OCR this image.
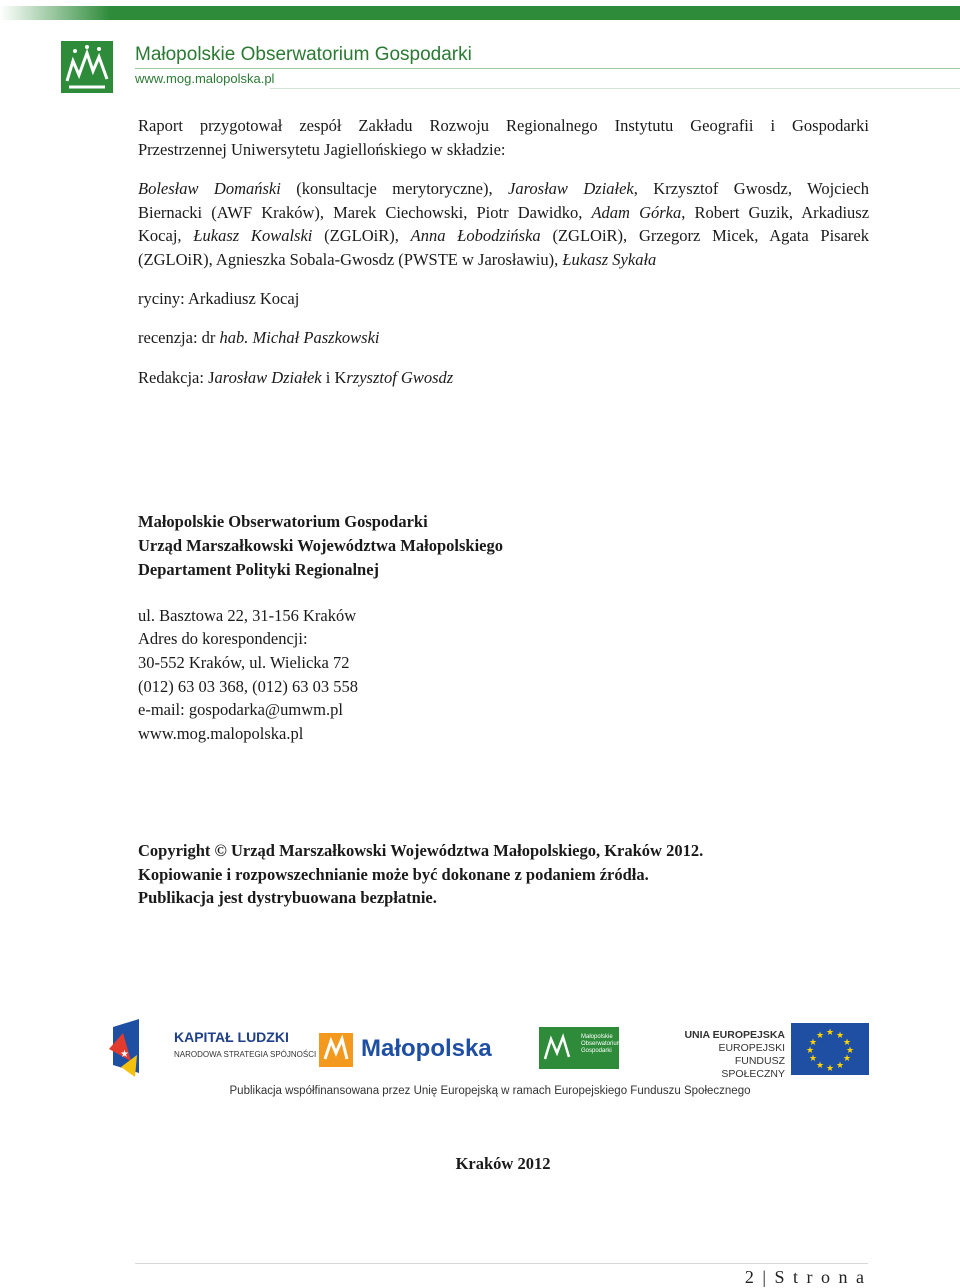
Małopolskie Obserwatorium Gospodarki
www.mog.malopolska.pl
Raport przygotował zespół Zakładu Rozwoju Regionalnego Instytutu Geografii i Gospodarki
Przestrzennej Uniwersytetu Jagiellońskiego w składzie:
Bolesław Domański (konsultacje merytoryczne), Jarosław Działek, Krzysztof Gwosdz, Wojciech
Biernacki (AWF Kraków), Marek Ciechowski, Piotr Dawidko, Adam Górka, Robert Guzik, Arkadiusz
Kocaj, Łukasz Kowalski (ZGLOiR), Anna Łobodzińska (ZGLOiR), Grzegorz Micek, Agata Pisarek
(ZGLOiR), Agnieszka Sobala-Gwosdz (PWSTE w Jarosławiu), Łukasz Sykała
ryciny: Arkadiusz Kocaj
recenzja: dr hab. Michał Paszkowski
Redakcja: Jarosław Działek i Krzysztof Gwosdz
Małopolskie Obserwatorium Gospodarki
Urząd Marszałkowski Województwa Małopolskiego
Departament Polityki Regionalnej
ul. Basztowa 22, 31-156 Kraków
Adres do korespondencji:
30-552 Kraków, ul. Wielicka 72
(012) 63 03 368, (012) 63 03 558
e-mail: gospodarka@umwm.pl
www.mog.malopolska.pl
Copyright © Urząd Marszałkowski Województwa Małopolskiego, Kraków 2012.
Kopiowanie i rozpowszechnianie może być dokonane z podaniem źródła.
Publikacja jest dystrybuowana bezpłatnie.
★
★ ★
★
★
★
★
★
★
★
★
★
★
KAPITAŁ LUDZKI
NARODOWA STRATEGIA SPÓJNOŚCI Małopolska	Małopolskie
Obserwatorium
Gospodarki
UNIA EUROPEJSKA
EUROPEJSKI
FUNDUSZ SPOŁECZNY
Publikacja współfinansowana przez Unię Europejską w ramach Europejskiego Funduszu Społecznego
Kraków 2012
2 | S t r o n a
